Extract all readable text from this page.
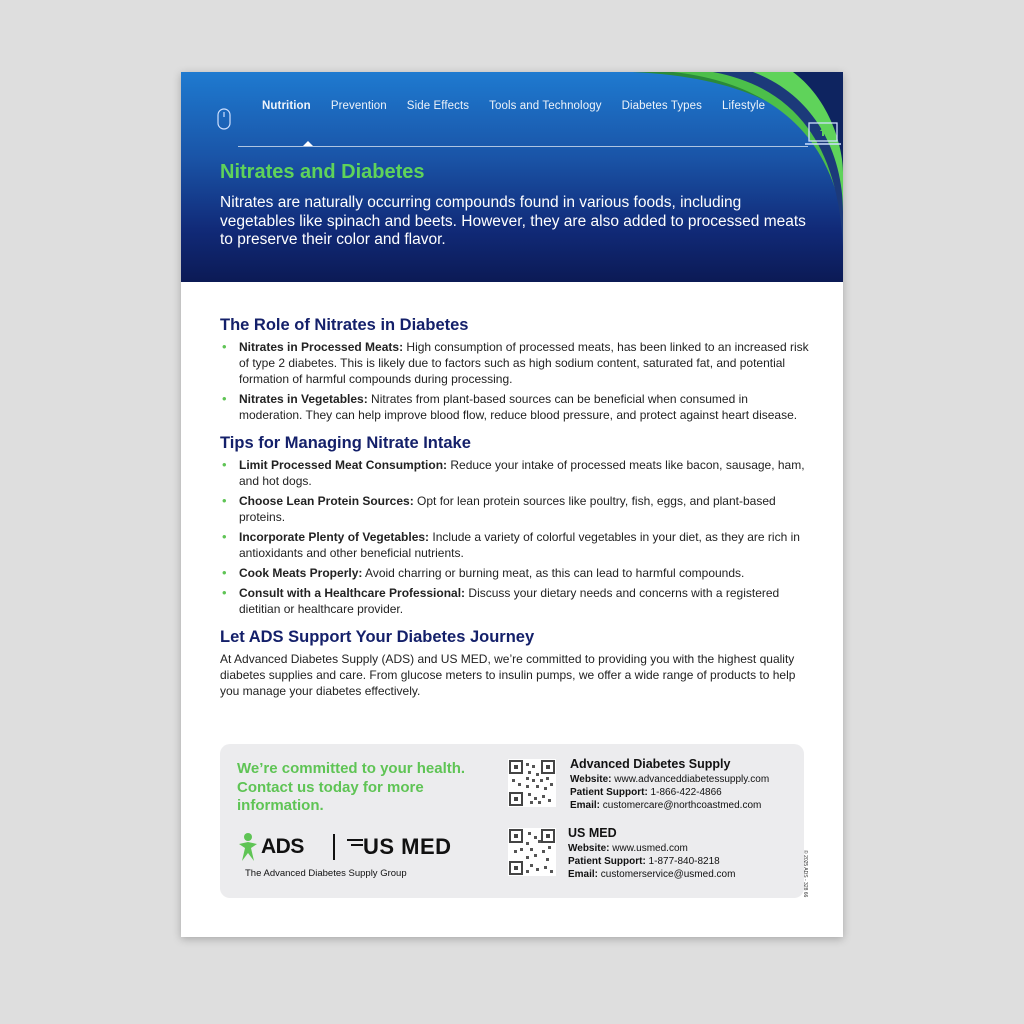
Nutrition	Prevention	Side Effects	Tools and Technology	Diabetes Types	Lifestyle
Nitrates and Diabetes
Nitrates are naturally occurring compounds found in various foods, including vegetables like spinach and beets. However, they are also added to processed meats to preserve their color and flavor.
The Role of Nitrates in Diabetes
• Nitrates in Processed Meats: High consumption of processed meats, has been linked to an increased risk of type 2 diabetes. This is likely due to factors such as high sodium content, saturated fat, and potential formation of harmful compounds during processing.
• Nitrates in Vegetables: Nitrates from plant-based sources can be beneficial when consumed in moderation. They can help improve blood flow, reduce blood pressure, and protect against heart disease.
Tips for Managing Nitrate Intake
• Limit Processed Meat Consumption: Reduce your intake of processed meats like bacon, sausage, ham, and hot dogs.
• Choose Lean Protein Sources: Opt for lean protein sources like poultry, fish, eggs, and plant-based proteins.
• Incorporate Plenty of Vegetables: Include a variety of colorful vegetables in your diet, as they are rich in antioxidants and other beneficial nutrients.
• Cook Meats Properly: Avoid charring or burning meat, as this can lead to harmful compounds.
• Consult with a Healthcare Professional: Discuss your dietary needs and concerns with a registered dietitian or healthcare provider.
Let ADS Support Your Diabetes Journey

At Advanced Diabetes Supply (ADS) and US MED, we’re committed to providing you with the highest quality diabetes supplies and care. From glucose meters to insulin pumps, we offer a wide range of products to help you manage your diabetes effectively.

We’re committed to your health. Contact us today for more information.
ADS	US MED
The Advanced Diabetes Supply Group
Advanced Diabetes Supply
Website: www.advanceddiabetessupply.com
Patient Support: 1-866-422-4866
Email: customercare@northcoastmed.com
US MED
Website: www.usmed.com
Patient Support: 1-877-840-8218
Email: customerservice@usmed.com	© 2025 ADS - 328 66
